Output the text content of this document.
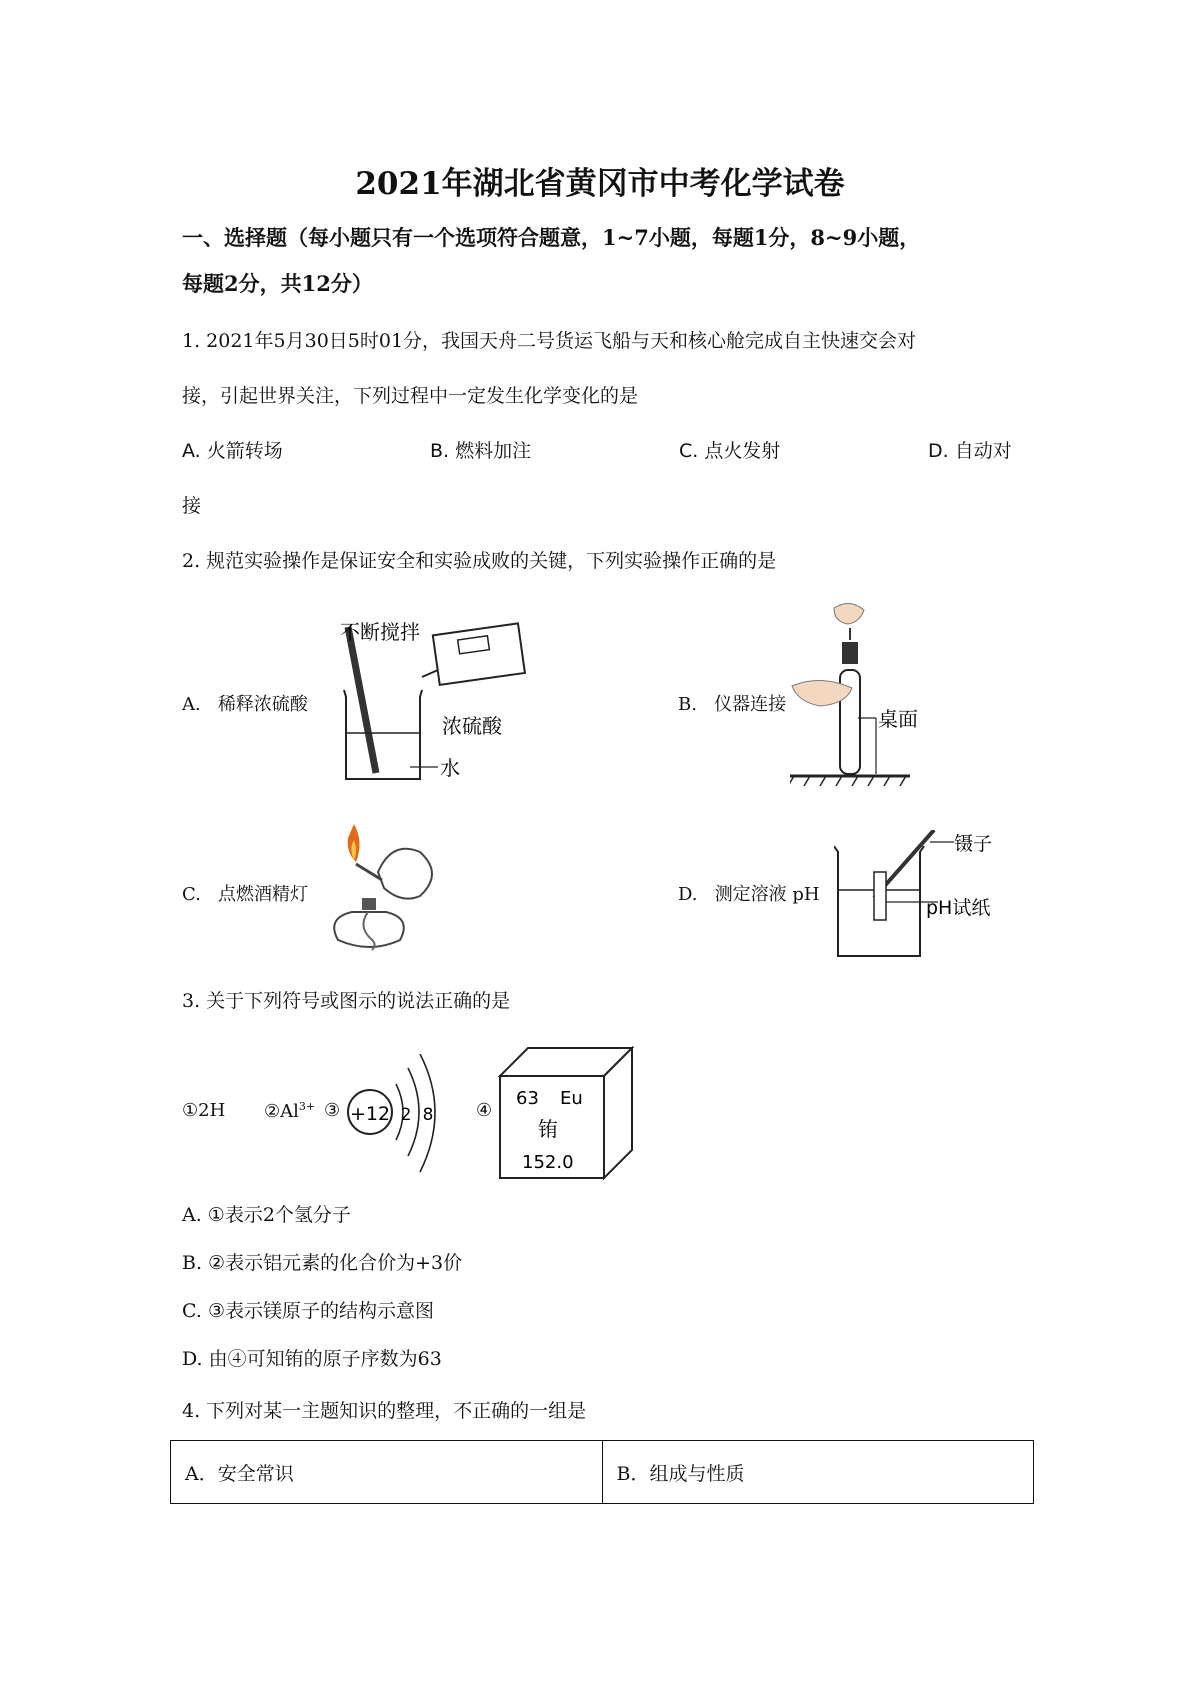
2021年湖北省黄冈市中考化学试卷
一、选择题（每小题只有一个选项符合题意，1~7小题，每题1分，8~9小题，
每题2分，共12分）
1. 2021年5月30日5时01分，我国天舟二号货运飞船与天和核心舱完成自主快速交会对
接，引起世界关注，下列过程中一定发生化学变化的是
A. 火箭转场	B. 燃料加注	C. 点火发射	D. 自动对
接
2. 规范实验操作是保证安全和实验成败的关键，下列实验操作正确的是
A. 稀释浓硫酸	B. 仪器连接
C. 点燃酒精灯	D. 测定溶液 pH
不断搅拌
浓硫酸
水
桌面
镊子
pH试纸
3. 关于下列符号或图示的说法正确的是
①2H $②Al^{3+}$ ③	④
+12 2 8
63 Eu
铕
152.0
A. ①表示2个氢分子
B. ②表示铝元素的化合价为+3价
C. ③表示镁原子的结构示意图
D. 由④可知铕的原子序数为63
4. 下列对某一主题知识的整理，不正确的一组是
A．安全常识	B．组成与性质
